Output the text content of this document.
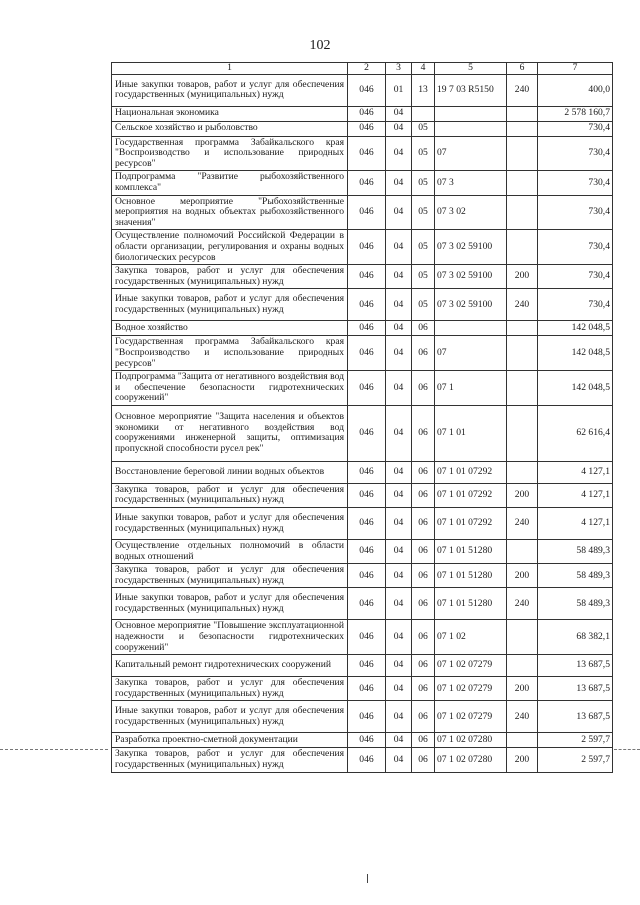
102
1	2	3	4	5	6	7
Иные закупки товаров, работ и услуг для обеспечения государственных (муниципальных) нужд	046	01	13	19 7 03 R5150	240	400,0
Национальная экономика	046	04				2 578 160,7
Сельское хозяйство и рыболовство	046	04	05			730,4
Государственная программа Забайкальского края "Воспроизводство и использование природных ресурсов"	046	04	05	07		730,4
Подпрограмма "Развитие рыбохозяйственного комплекса"	046	04	05	07 3		730,4
Основное мероприятие "Рыбохозяйственные мероприятия на водных объектах рыбохозяйственного значения"	046	04	05	07 3 02		730,4
Осуществление полномочий Российской Федерации в области организации, регулирования и охраны водных биологических ресурсов	046	04	05	07 3 02 59100		730,4
Закупка товаров, работ и услуг для обеспечения государственных (муниципальных) нужд	046	04	05	07 3 02 59100	200	730,4
Иные закупки товаров, работ и услуг для обеспечения государственных (муниципальных) нужд	046	04	05	07 3 02 59100	240	730,4
Водное хозяйство	046	04	06			142 048,5
Государственная программа Забайкальского края "Воспроизводство и использование природных ресурсов"	046	04	06	07		142 048,5
Подпрограмма "Защита от негативного воздействия вод и обеспечение безопасности гидротехнических сооружений"	046	04	06	07 1		142 048,5
Основное мероприятие "Защита населения и объектов экономики от негативного воздействия вод сооружениями инженерной защиты, оптимизация пропускной способности русел рек"	046	04	06	07 1 01		62 616,4
Восстановление береговой линии водных объектов	046	04	06	07 1 01 07292		4 127,1
Закупка товаров, работ и услуг для обеспечения государственных (муниципальных) нужд	046	04	06	07 1 01 07292	200	4 127,1
Иные закупки товаров, работ и услуг для обеспечения государственных (муниципальных) нужд	046	04	06	07 1 01 07292	240	4 127,1
Осуществление отдельных полномочий в области водных отношений	046	04	06	07 1 01 51280		58 489,3
Закупка товаров, работ и услуг для обеспечения государственных (муниципальных) нужд	046	04	06	07 1 01 51280	200	58 489,3
Иные закупки товаров, работ и услуг для обеспечения государственных (муниципальных) нужд	046	04	06	07 1 01 51280	240	58 489,3
Основное мероприятие "Повышение эксплуатационной надежности и безопасности гидротехнических сооружений"	046	04	06	07 1 02		68 382,1
Капитальный ремонт гидротехнических сооружений	046	04	06	07 1 02 07279		13 687,5
Закупка товаров, работ и услуг для обеспечения государственных (муниципальных) нужд	046	04	06	07 1 02 07279	200	13 687,5
Иные закупки товаров, работ и услуг для обеспечения государственных (муниципальных) нужд	046	04	06	07 1 02 07279	240	13 687,5
Разработка проектно-сметной документации	046	04	06	07 1 02 07280		2 597,7
Закупка товаров, работ и услуг для обеспечения государственных (муниципальных) нужд	046	04	06	07 1 02 07280	200	2 597,7
